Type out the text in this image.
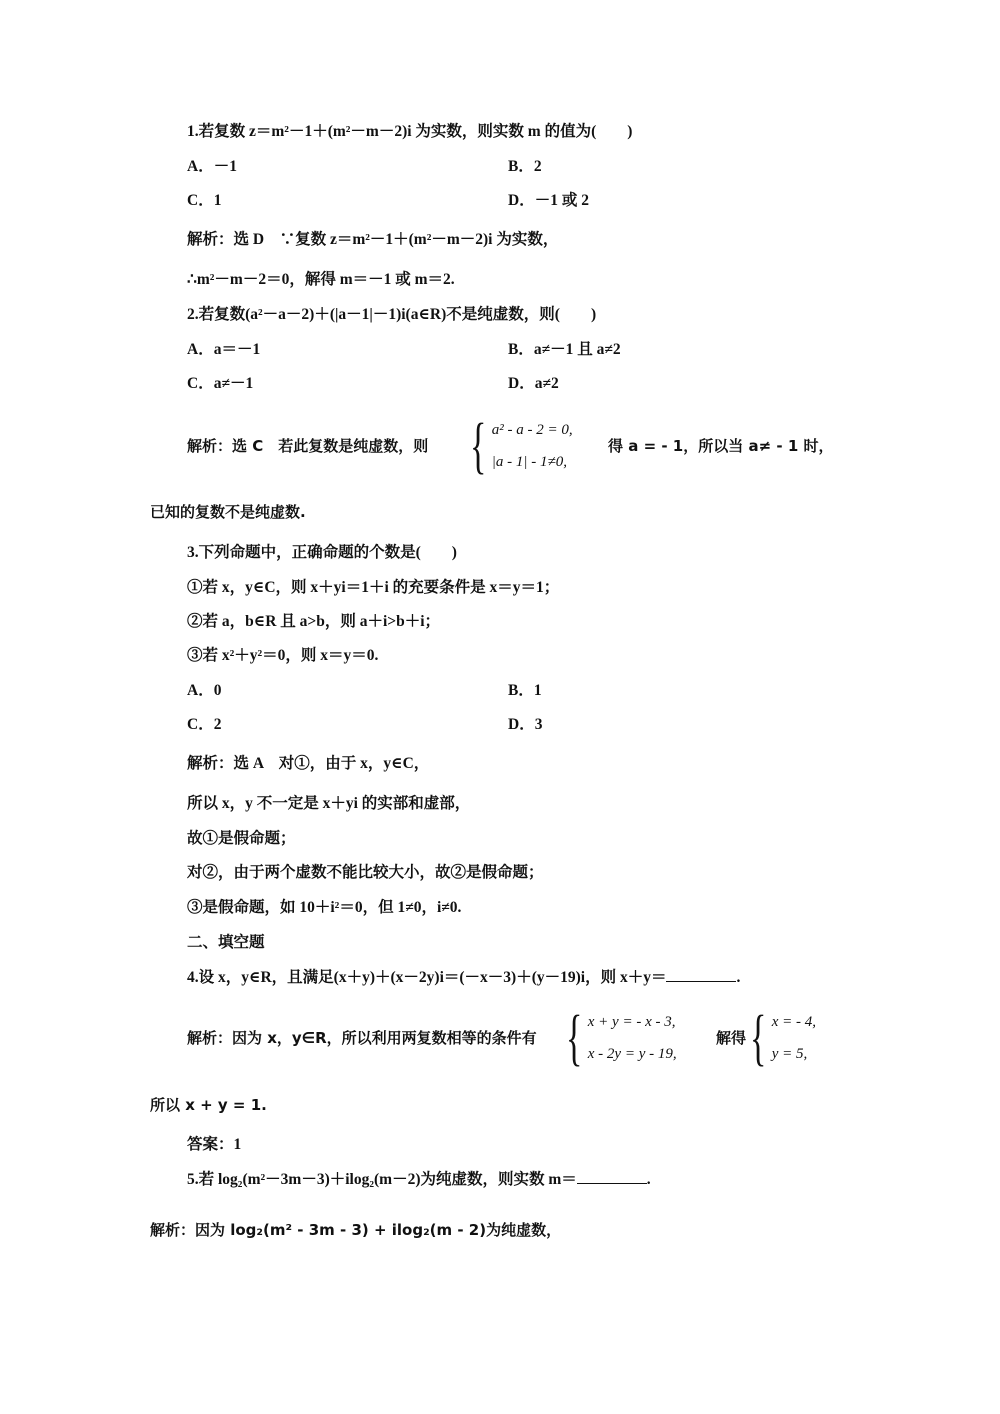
1.若复数 z＝m²－1＋(m²－m－2)i 为实数，则实数 m 的值为(　　)
A．－1	B．2
C．1	D．－1 或 2
解析：选 D　∵复数 z＝m²－1＋(m²－m－2)i 为实数，
∴m²－m－2＝0，解得 m＝－1 或 m＝2.
2.若复数(a²－a－2)＋(|a－1|－1)i(a∈R)不是纯虚数，则(　　)
A．a＝－1	B．a≠－1 且 a≠2
C．a≠－1	D．a≠2
解析：选 C　若此复数是纯虚数，则 { a² - a - 2 = 0,
|a - 1| - 1≠0,
得 a = - 1，所以当 a≠ - 1 时，
已知的复数不是纯虚数.
3.下列命题中，正确命题的个数是(　　)
①若 x，y∈C，则 x＋yi＝1＋i 的充要条件是 x＝y＝1；
②若 a，b∈R 且 a>b，则 a＋i>b＋i；
③若 x²＋y²＝0，则 x＝y＝0.
A．0	B．1
C．2	D．3
解析：选 A　对①，由于 x，y∈C，
所以 x，y 不一定是 x＋yi 的实部和虚部，
故①是假命题；
对②，由于两个虚数不能比较大小，故②是假命题；
③是假命题，如 10＋i²＝0，但 1≠0，i≠0.
二、填空题
4.设 x，y∈R，且满足(x＋y)＋(x－2y)i＝(－x－3)＋(y－19)i，则 x＋y＝	.
解析：因为 x，y∈R，所以利用两复数相等的条件有 { x + y = - x - 3,
x - 2y = y - 19,
解得 { x = - 4,
y = 5,
所以 x + y = 1.
答案：1
5.若 log₂(m²－3m－3)＋ilog₂(m－2)为纯虚数，则实数 m＝	.
解析：因为 log₂(m² - 3m - 3) + ilog₂(m - 2)为纯虚数，
